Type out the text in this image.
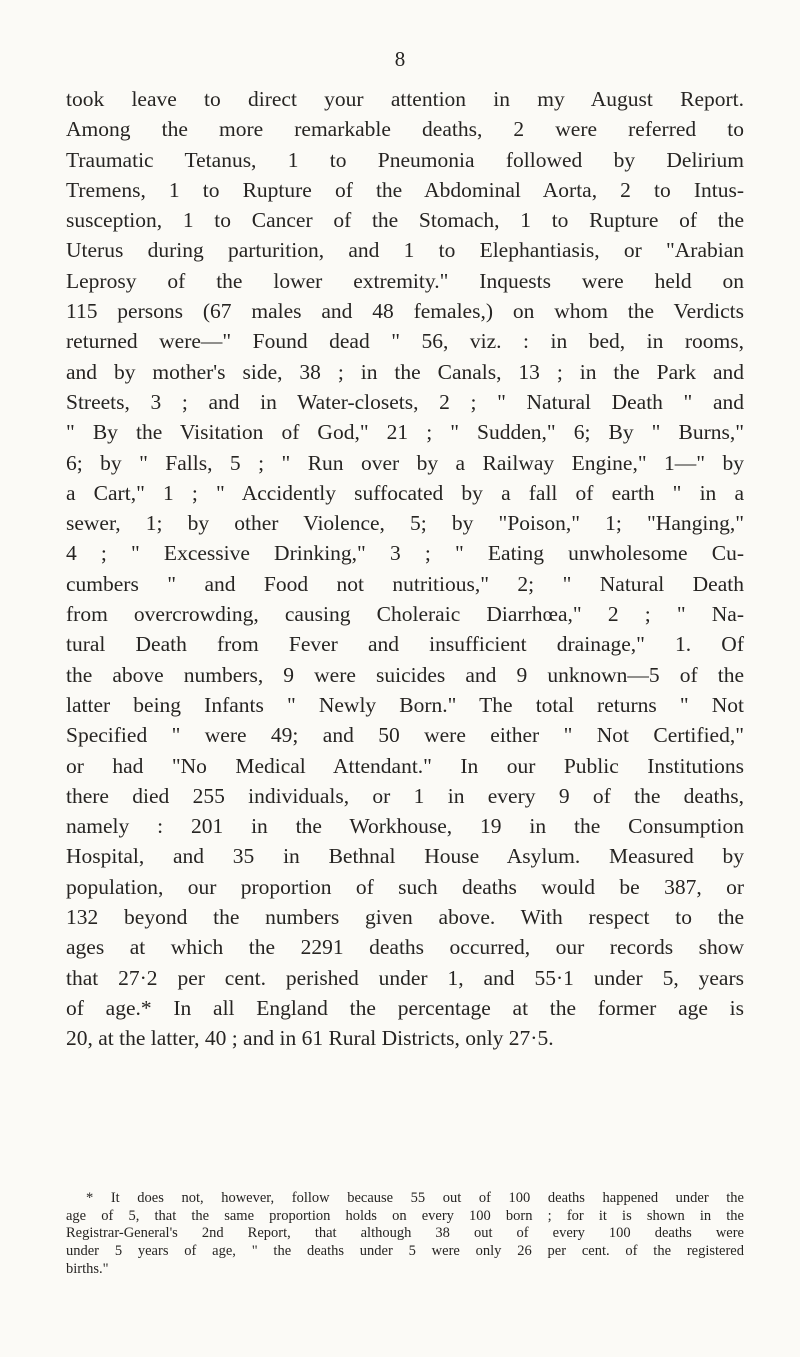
8
took leave to direct your attention in my August Report.
Among the more remarkable deaths, 2 were referred to
Traumatic Tetanus, 1 to Pneumonia followed by Delirium
Tremens, 1 to Rupture of the Abdominal Aorta, 2 to Intus-
susception, 1 to Cancer of the Stomach, 1 to Rupture of the
Uterus during parturition, and 1 to Elephantiasis, or "Arabian
Leprosy of the lower extremity." Inquests were held on
115 persons (67 males and 48 females,) on whom the Verdicts
returned were—" Found dead " 56, viz. : in bed, in rooms,
and by mother's side, 38 ; in the Canals, 13 ; in the Park and
Streets, 3 ; and in Water-closets, 2 ; " Natural Death " and
" By the Visitation of God," 21 ; " Sudden," 6; By " Burns,"
6; by " Falls, 5 ; " Run over by a Railway Engine," 1—" by
a Cart," 1 ; " Accidently suffocated by a fall of earth " in a
sewer, 1; by other Violence, 5; by "Poison," 1; "Hanging,"
4 ; " Excessive Drinking," 3 ; " Eating unwholesome Cu-
cumbers " and Food not nutritious," 2; " Natural Death
from overcrowding, causing Choleraic Diarrhœa," 2 ; " Na-
tural Death from Fever and insufficient drainage," 1. Of
the above numbers, 9 were suicides and 9 unknown—5 of the
latter being Infants " Newly Born." The total returns " Not
Specified " were 49; and 50 were either " Not Certified,"
or had "No Medical Attendant." In our Public Institutions
there died 255 individuals, or 1 in every 9 of the deaths,
namely : 201 in the Workhouse, 19 in the Consumption
Hospital, and 35 in Bethnal House Asylum. Measured by
population, our proportion of such deaths would be 387, or
132 beyond the numbers given above. With respect to the
ages at which the 2291 deaths occurred, our records show
that 27·2 per cent. perished under 1, and 55·1 under 5, years
of age.* In all England the percentage at the former age is
20, at the latter, 40 ; and in 61 Rural Districts, only 27·5.
* It does not, however, follow because 55 out of 100 deaths happened under the
age of 5, that the same proportion holds on every 100 born ; for it is shown in the
Registrar-General's 2nd Report, that although 38 out of every 100 deaths were
under 5 years of age, " the deaths under 5 were only 26 per cent. of the registered
births."
